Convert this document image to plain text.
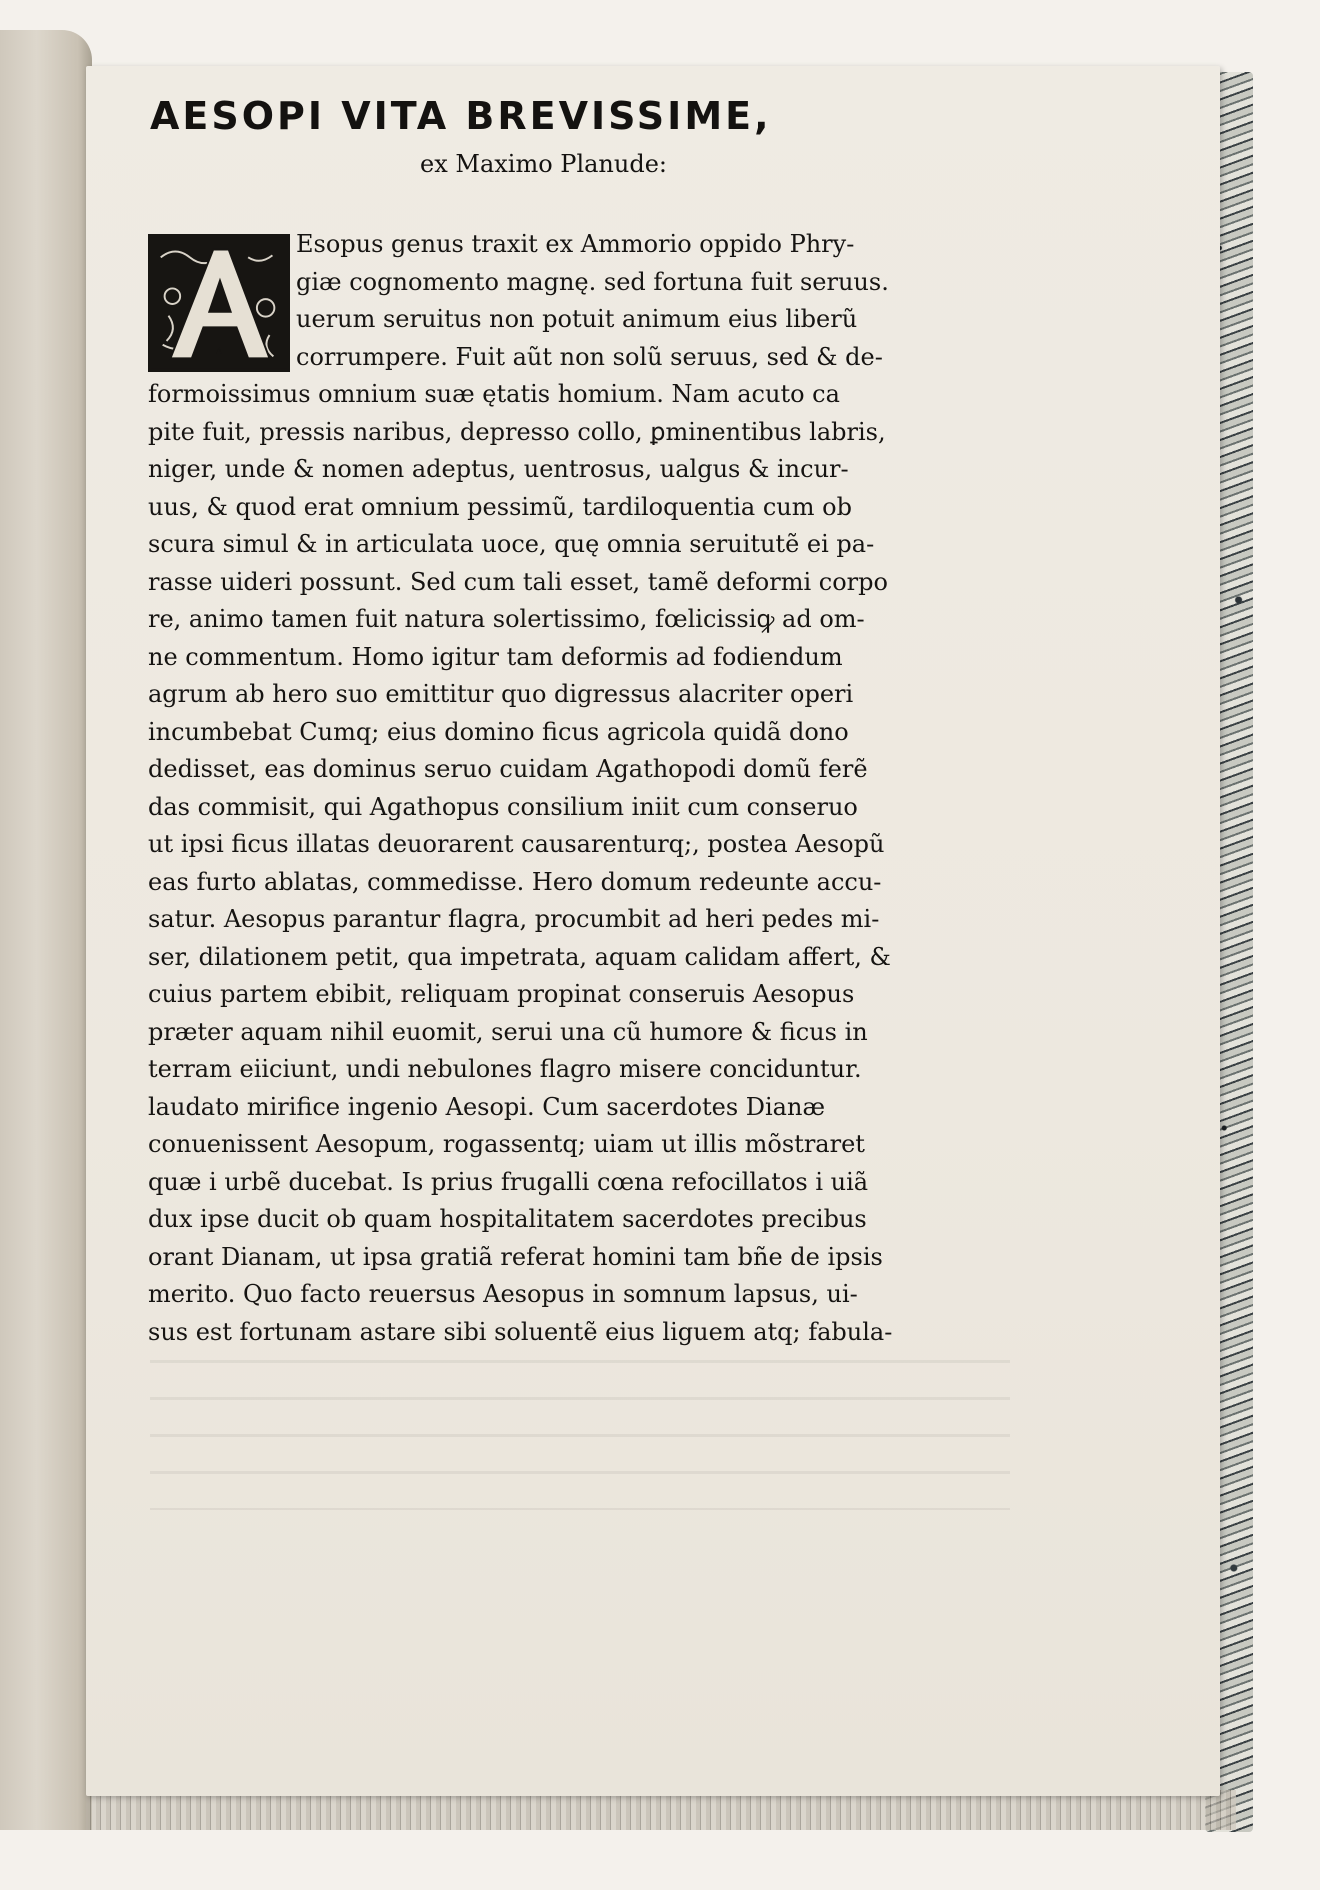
AESOPI VITA BREVISSIME,
ex Maximo Planude:
Esopus genus traxit ex Ammorio oppido Phry-
giæ cognomento magnę. sed fortuna fuit seruus.
uerum seruitus non potuit animum eius liberũ
corrumpere. Fuit aũt non solũ seruus, sed & de-
formoissimus omnium suæ ętatis homium. Nam acuto ca
pite fuit, pressis naribus, depresso collo, ꝑminentibus labris,
niger, unde & nomen adeptus, uentrosus, ualgus & incur-
uus, & quod erat omnium pessimũ, tardiloquentia cum ob
scura simul & in articulata uoce, quę omnia seruitutẽ ei pa-
rasse uideri possunt. Sed cum tali esset, tamẽ deformi corpo
re, animo tamen fuit natura solertissimo, fœlicissiꝙ ad om-
ne commentum. Homo igitur tam deformis ad fodiendum
agrum ab hero suo emittitur quo digressus alacriter operi
incumbebat Cumq; eius domino ficus agricola quidã dono
dedisset, eas dominus seruo cuidam Agathopodi domũ ferẽ
das commisit, qui Agathopus consilium iniit cum conseruo
ut ipsi ficus illatas deuorarent causarenturq;, postea Aesopũ
eas furto ablatas, commedisse. Hero domum redeunte accu-
satur. Aesopus parantur flagra, procumbit ad heri pedes mi-
ser, dilationem petit, qua impetrata, aquam calidam affert, &
cuius partem ebibit, reliquam propinat conseruis Aesopus
præter aquam nihil euomit, serui una cũ humore & ficus in
terram eiiciunt, undi nebulones flagro misere conciduntur.
laudato mirifice ingenio Aesopi. Cum sacerdotes Dianæ
conuenissent Aesopum, rogassentq; uiam ut illis mõstraret
quæ i urbẽ ducebat. Is prius frugalli cœna refocillatos i uiã
dux ipse ducit ob quam hospitalitatem sacerdotes precibus
orant Dianam, ut ipsa gratiã referat homini tam bñe de ipsis
merito. Quo facto reuersus Aesopus in somnum lapsus, ui-
sus est fortunam astare sibi soluentẽ eius liguem atq; fabula-
A
